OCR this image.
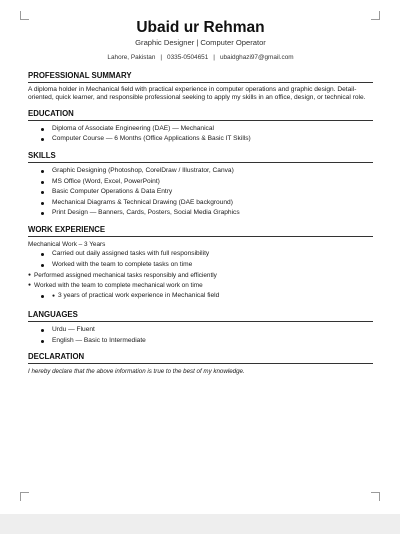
Ubaid ur Rehman
Graphic Designer | Computer Operator
Lahore, Pakistan | 0335-0504651 | ubaidghazi97@gmail.com
PROFESSIONAL SUMMARY
A diploma holder in Mechanical field with practical experience in computer operations and graphic design. Detail-oriented, quick learner, and responsible professional seeking to apply my skills in an office, design, or technical role.
EDUCATION
Diploma of Associate Engineering (DAE) — Mechanical
Computer Course — 6 Months (Office Applications & Basic IT Skills)
SKILLS
Graphic Designing (Photoshop, CorelDraw / Illustrator, Canva)
MS Office (Word, Excel, PowerPoint)
Basic Computer Operations & Data Entry
Mechanical Diagrams & Technical Drawing (DAE background)
Print Design — Banners, Cards, Posters, Social Media Graphics
WORK EXPERIENCE
Mechanical Work – 3 Years
Carried out daily assigned tasks with full responsibility
Worked with the team to complete tasks on time
● Performed assigned mechanical tasks responsibly and efficiently
● Worked with the team to complete mechanical work on time
● 3 years of practical work experience in Mechanical field
LANGUAGES
Urdu — Fluent
English — Basic to Intermediate
DECLARATION
I hereby declare that the above information is true to the best of my knowledge.
